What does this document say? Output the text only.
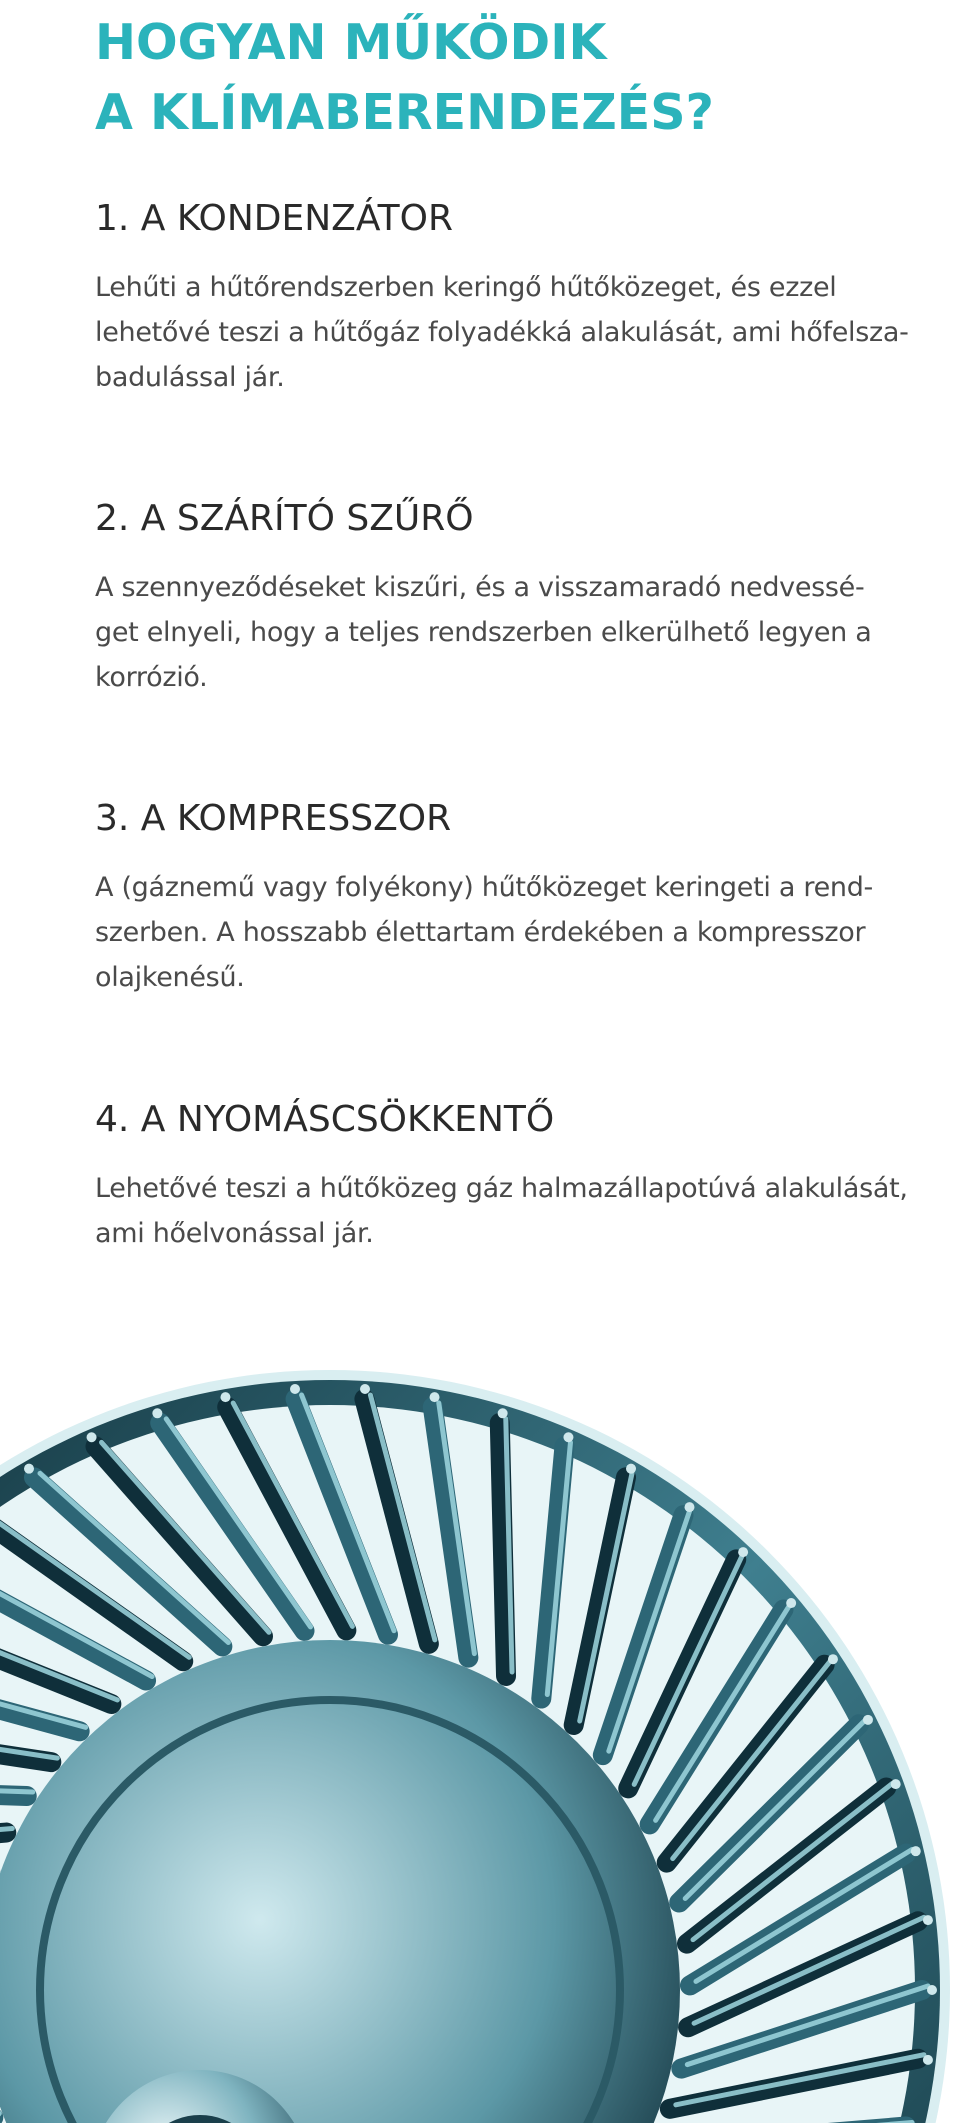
HOGYAN MŰKÖDIK
A KLÍMABERENDEZÉS?
1. A KONDENZÁTOR

Lehűti a hűtőrendszerben keringő hűtőközeget, és ezzel
lehetővé teszi a hűtőgáz folyadékká alakulását, ami hőfelsza-
badulással jár.

2. A SZÁRÍTÓ SZŰRŐ

A szennyeződéseket kiszűri, és a visszamaradó nedvessé-
get elnyeli, hogy a teljes rendszerben elkerülhető legyen a
korrózió.

3. A KOMPRESSZOR

A (gáznemű vagy folyékony) hűtőközeget keringeti a rend-
szerben. A hosszabb élettartam érdekében a kompresszor
olajkenésű.

4. A NYOMÁSCSÖKKENTŐ

Lehetővé teszi a hűtőközeg gáz halmazállapotúvá alakulását,
ami hőelvonással jár.
